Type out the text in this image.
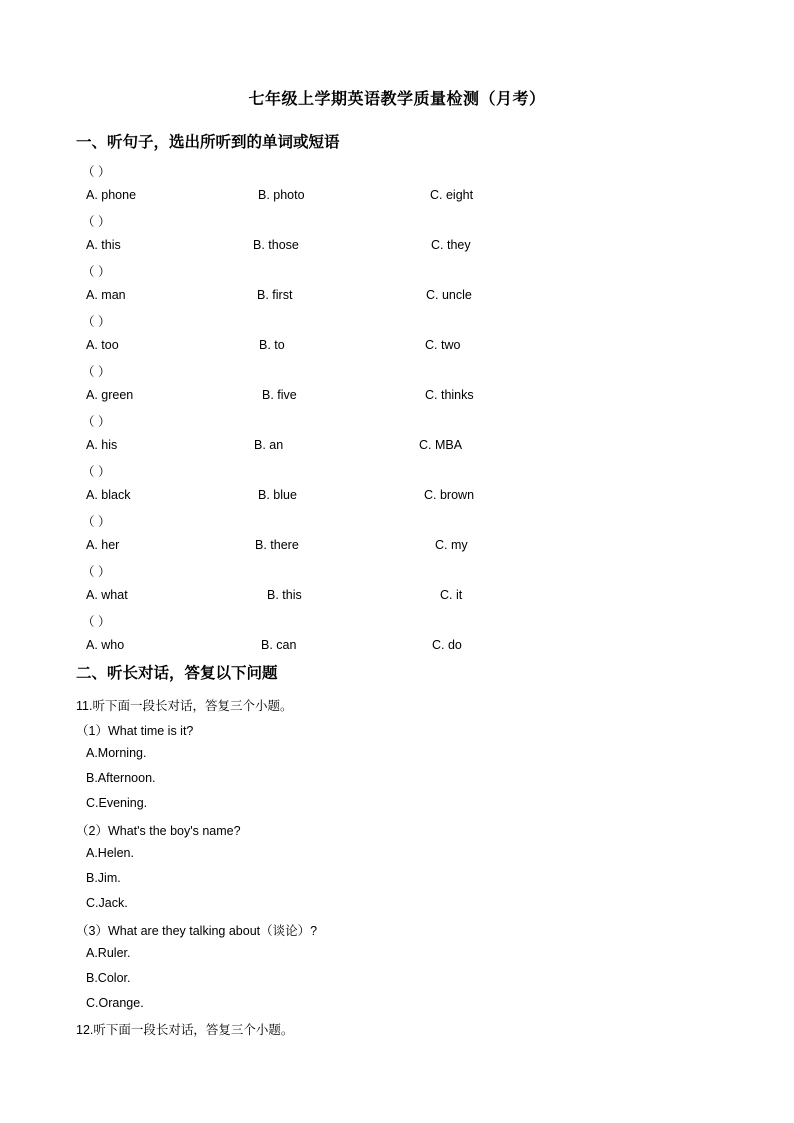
七年级上学期英语教学质量检测（月考）
一、听句子，选出所听到的单词或短语
（ ）
A. phone	B. photo	C. eight
（ ）
A. this	B. those	C. they
（ ）
A. man	B. first	C. uncle
（ ）
A. too	B. to	C. two
（ ）
A. green	B. five	C. thinks
（ ）
A. his	B. an	C. MBA
（ ）
A. black	B. blue	C. brown
（ ）
A. her	B. there	C. my
（ ）
A. what	B. this	C. it
（ ）
A. who	B. can	C. do
二、听长对话，答复以下问题
11.听下面一段长对话，答复三个小题。
（1）What time is it?
A.Morning.
B.Afternoon.
C.Evening.
（2）What's the boy's name?
A.Helen.
B.Jim.
C.Jack.
（3）What are they talking about（谈论）?
A.Ruler.
B.Color.
C.Orange.
12.听下面一段长对话，答复三个小题。
